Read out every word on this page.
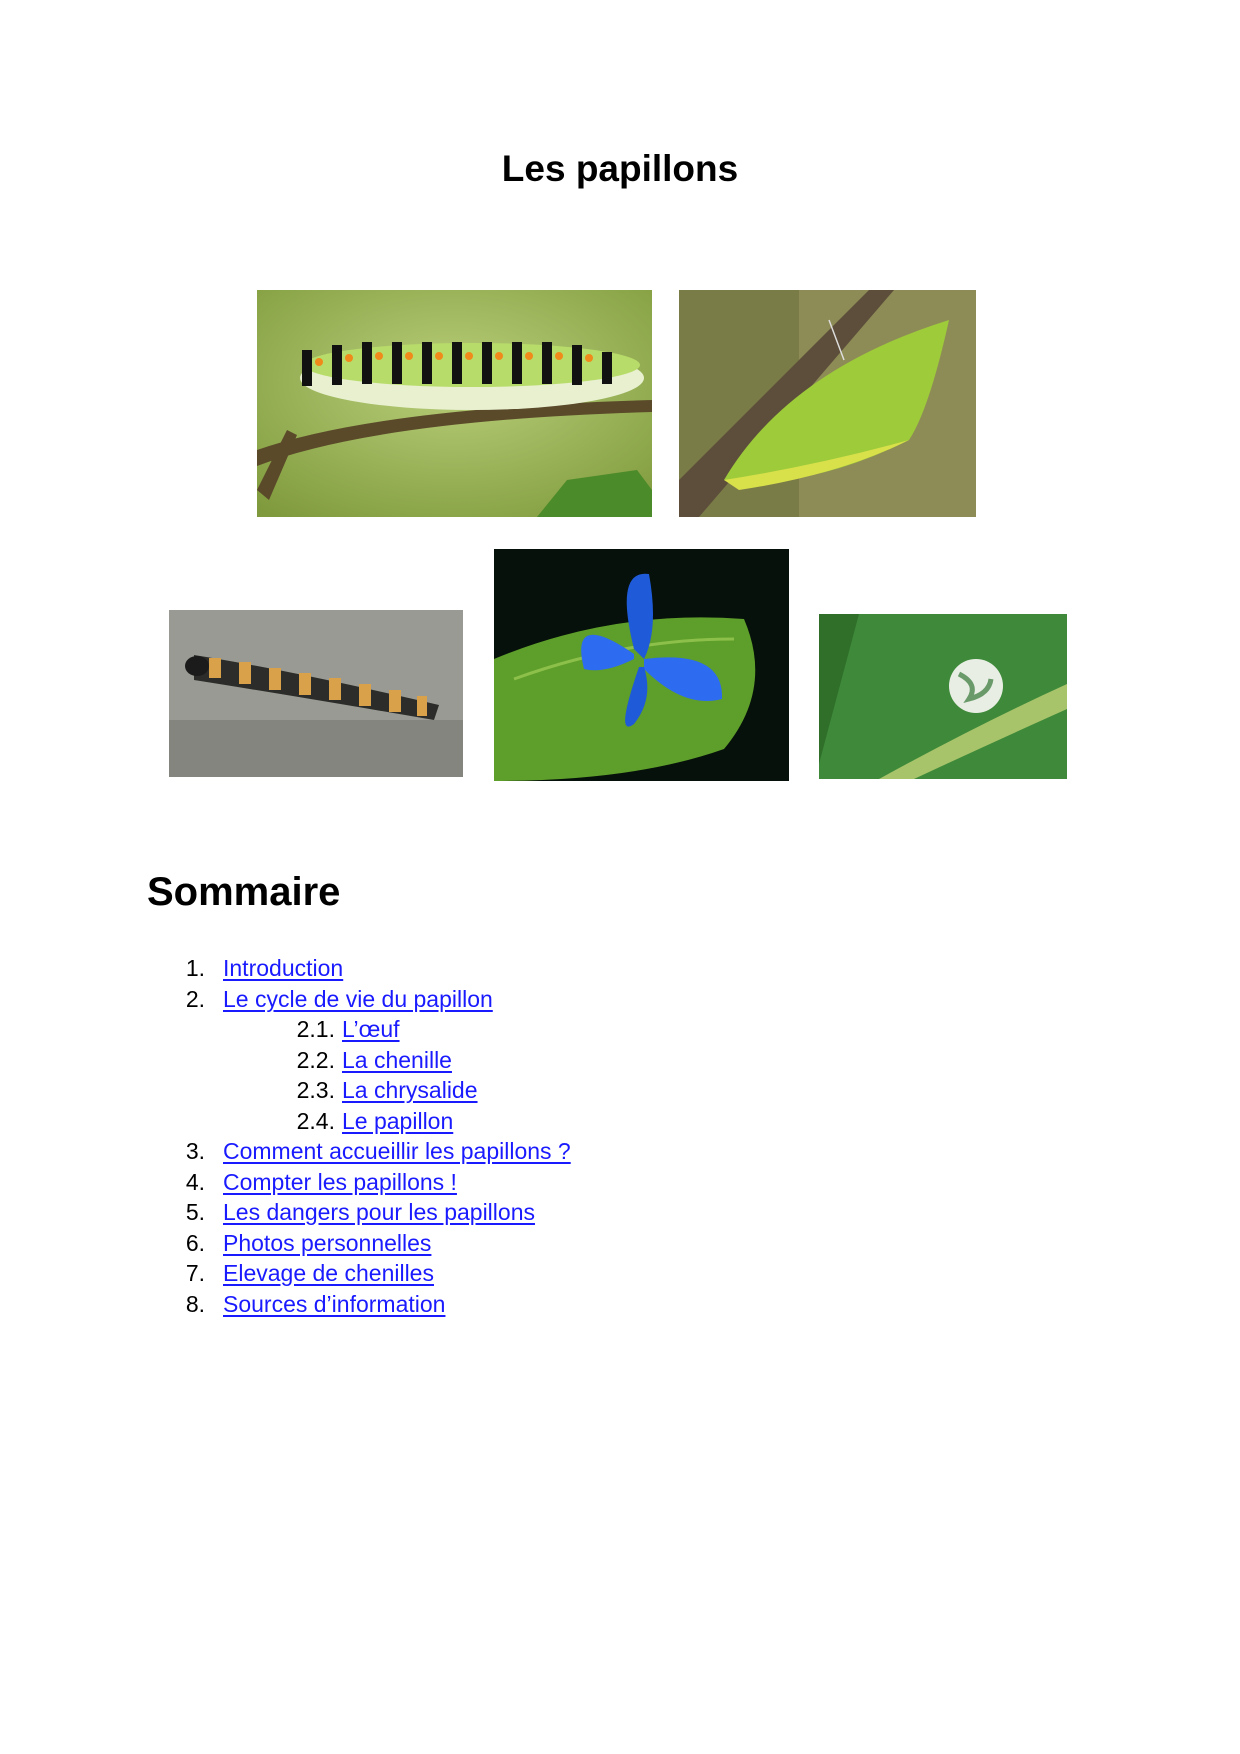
Les papillons
Sommaire
1. Introduction
2. Le cycle de vie du papillon
2.1. L’œuf
2.2. La chenille
2.3. La chrysalide
2.4. Le papillon
3. Comment accueillir les papillons ?
4. Compter les papillons !
5. Les dangers pour les papillons
6. Photos personnelles
7. Elevage de chenilles
8. Sources d’information
